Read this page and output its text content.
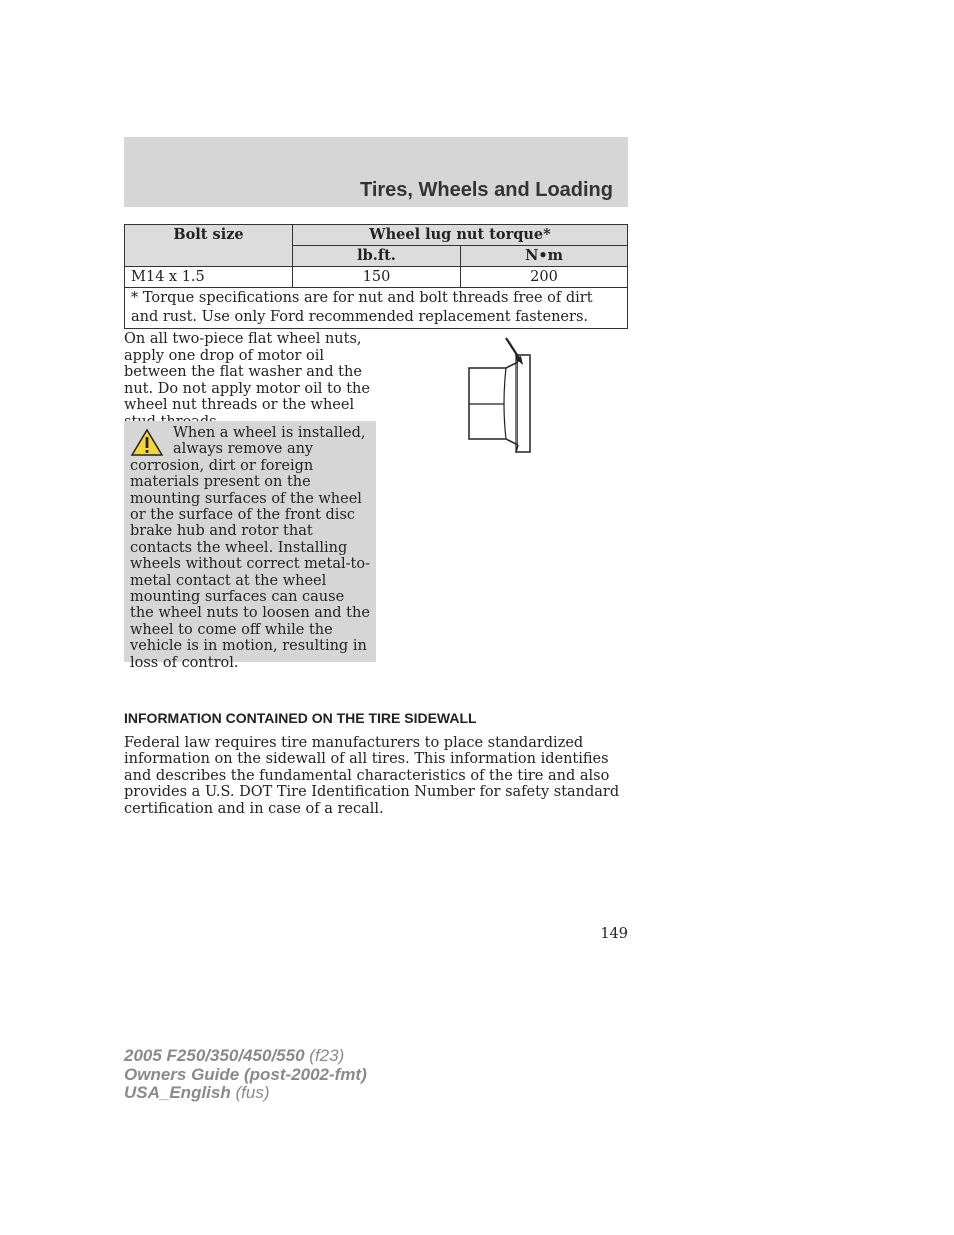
Tires, Wheels and Loading
Bolt size	Wheel lug nut torque*	
	lb.ft.	N•m
M14 x 1.5	150	200
* Torque specifications are for nut and bolt threads free of dirt and rust. Use only Ford recommended replacement fasteners.		
On all two-piece flat wheel nuts, apply one drop of motor oil between the flat washer and the nut. Do not apply motor oil to the wheel nut threads or the wheel
When a wheel is installed, always remove any corrosion, dirt or foreign materials present on the mounting surfaces of the wheel or the surface of the front disc brake hub and rotor that contacts the wheel. Installing wheels without correct metal-to-metal contact at the wheel mounting surfaces can cause the wheel nuts to loosen and the wheel to come off while the vehicle is in motion, resulting in loss of control.
INFORMATION CONTAINED ON THE TIRE SIDEWALL
Federal law requires tire manufacturers to place standardized information on the sidewall of all tires. This information identifies and describes the fundamental characteristics of the tire and also provides a U.S. DOT Tire Identification Number for safety standard certification and in case of a recall.
149
2005 F250/350/450/550 (f23)
Owners Guide (post-2002-fmt)
USA_English (fus)
